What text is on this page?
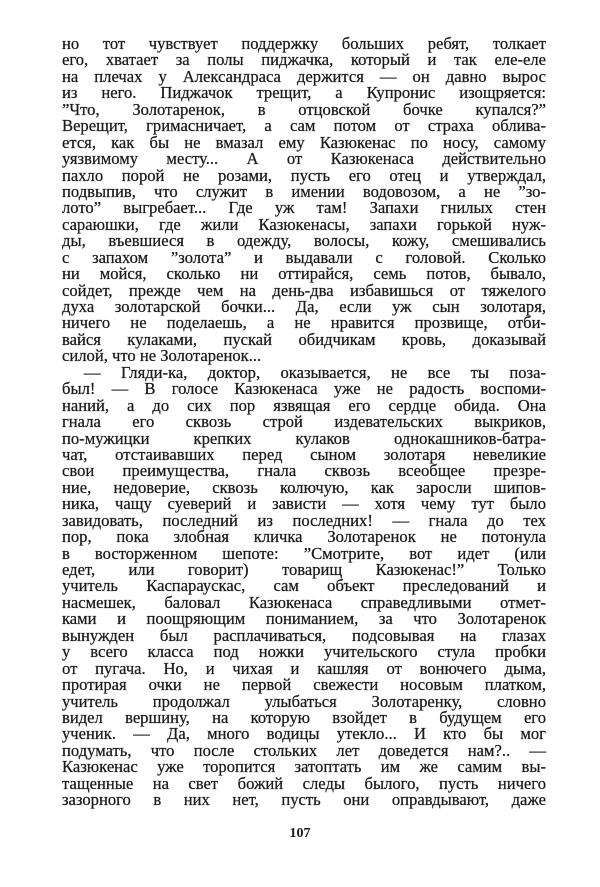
но тот чувствует поддержку больших ребят, толкает
его, хватает за полы пиджачка, который и так еле-еле
на плечах у Александраса держится — он давно вырос
из него. Пиджачок трещит, а Купронис изощряется:
”Что, Золотаренок, в отцовской бочке купался?”
Верещит, гримасничает, а сам потом от страха облива-
ется, как бы не вмазал ему Казюкенас по носу, самому
уязвимому месту... А от Казюкенаса действительно
пахло порой не розами, пусть его отец и утверждал,
подвыпив, что служит в имении водовозом, а не ”зо-
лото” выгребает... Где уж там! Запахи гнилых стен
сараюшки, где жили Казюкенасы, запахи горькой нуж-
ды, въевшиеся в одежду, волосы, кожу, смешивались
с запахом ”золота” и выдавали с головой. Сколько
ни мойся, сколько ни оттирайся, семь потов, бывало,
сойдет, прежде чем на день-два избавишься от тяжелого
духа золотарской бочки... Да, если уж сын золотаря,
ничего не поделаешь, а не нравится прозвище, отби-
вайся кулаками, пускай обидчикам кровь, доказывай
силой, что не Золотаренок...
— Гляди-ка, доктор, оказывается, не все ты поза-
был! — В голосе Казюкенаса уже не радость воспоми-
наний, а до сих пор язвящая его сердце обида. Она
гнала его сквозь строй издевательских выкриков,
по-мужицки крепких кулаков однокашников-батра-
чат, отстаивавших перед сыном золотаря невеликие
свои преимущества, гнала сквозь всеобщее презре-
ние, недоверие, сквозь колючую, как заросли шипов-
ника, чащу суеверий и зависти — хотя чему тут было
завидовать, последний из последних! — гнала до тех
пор, пока злобная кличка Золотаренок не потонула
в восторженном шепоте: ”Смотрите, вот идет (или
едет, или говорит) товарищ Казюкенас!” Только
учитель Каспараускас, сам объект преследований и
насмешек, баловал Казюкенаса справедливыми отмет-
ками и поощряющим пониманием, за что Золотаренок
вынужден был расплачиваться, подсовывая на глазах
у всего класса под ножки учительского стула пробки
от пугача. Но, и чихая и кашляя от вонючего дыма,
протирая очки не первой свежести носовым платком,
учитель продолжал улыбаться Золотаренку, словно
видел вершину, на которую взойдет в будущем его
ученик. — Да, много водицы утекло... И кто бы мог
подумать, что после стольких лет доведется нам?.. —
Казюкенас уже торопится затоптать им же самим вы-
тащенные на свет божий следы былого, пусть ничего
зазорного в них нет, пусть они оправдывают, даже
107
